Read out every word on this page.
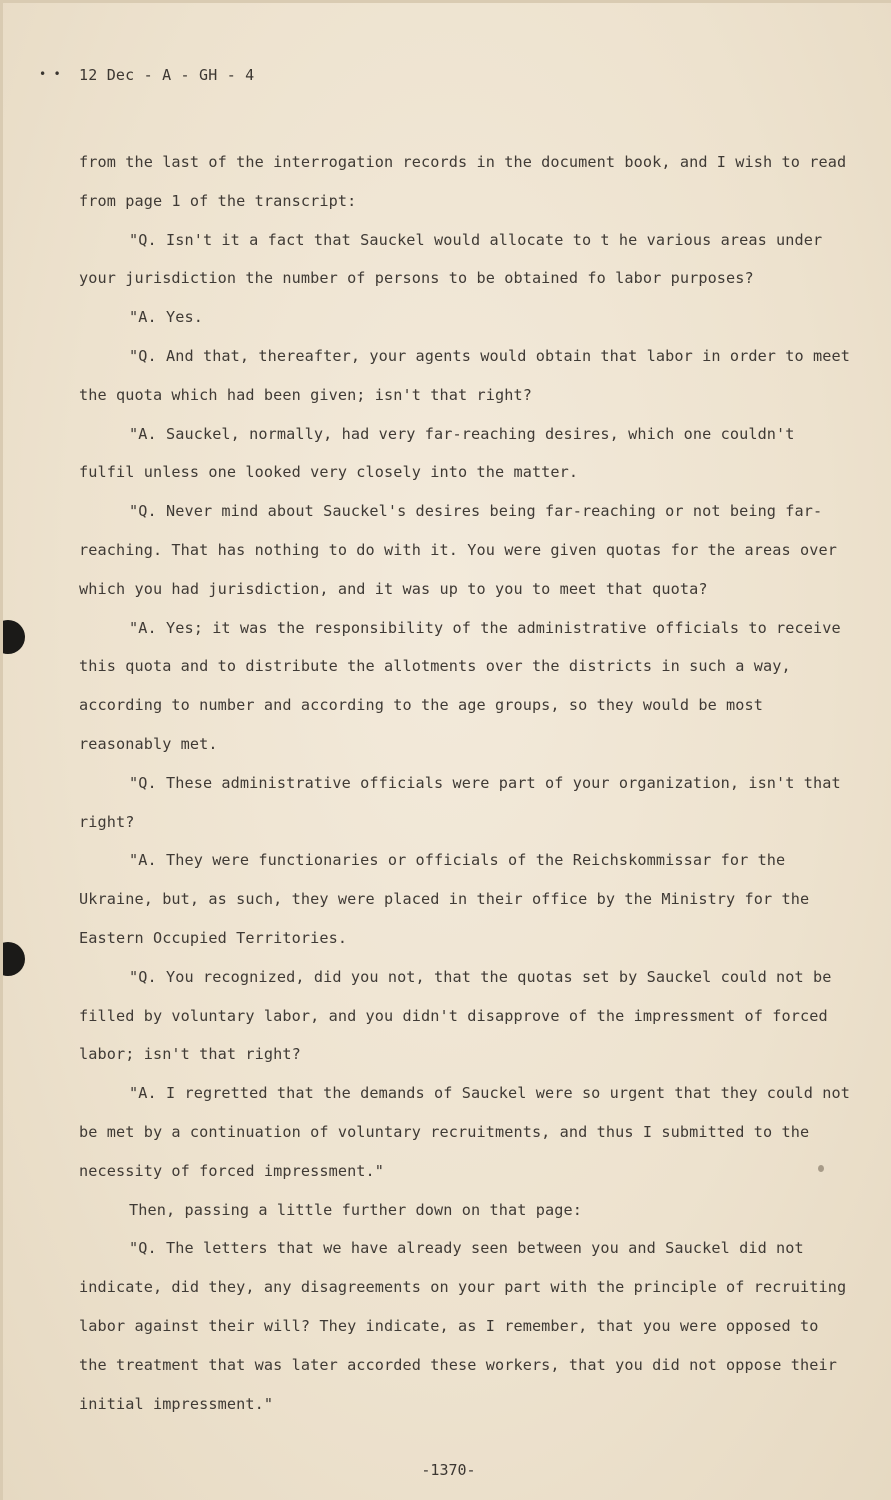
• • 12 Dec - A - GH - 4

from the last of the interrogation records in the document book, and I wish to read from page 1 of the transcript:

"Q. Isn't it a fact that Sauckel would allocate to t he various areas under your jurisdiction the number of persons to be obtained fo labor purposes?

"A. Yes.

"Q. And that, thereafter, your agents would obtain that labor in order to meet the quota which had been given; isn't that right?

"A. Sauckel, normally, had very far-reaching desires, which one couldn't fulfil unless one looked very closely into the matter.

"Q. Never mind about Sauckel's desires being far-reaching or not being far-reaching. That has nothing to do with it. You were given quotas for the areas over which you had jurisdiction, and it was up to you to meet that quota?

"A. Yes; it was the responsibility of the administrative officials to receive this quota and to distribute the allotments over the districts in such a way, according to number and according to the age groups, so they would be most reasonably met.

"Q. These administrative officials were part of your organization, isn't that right?

"A. They were functionaries or officials of the Reichskommissar for the Ukraine, but, as such, they were placed in their office by the Ministry for the Eastern Occupied Territories.

"Q. You recognized, did you not, that the quotas set by Sauckel could not be filled by voluntary labor, and you didn't disapprove of the impressment of forced labor; isn't that right?

"A. I regretted that the demands of Sauckel were so urgent that they could not be met by a continuation of voluntary recruitments, and thus I submitted to the necessity of forced impressment."

Then, passing a little further down on that page:

"Q. The letters that we have already seen between you and Sauckel did not indicate, did they, any disagreements on your part with the principle of recruiting labor against their will? They indicate, as I remember, that you were opposed to the treatment that was later accorded these workers, that you did not oppose their initial impressment."

-1370-
